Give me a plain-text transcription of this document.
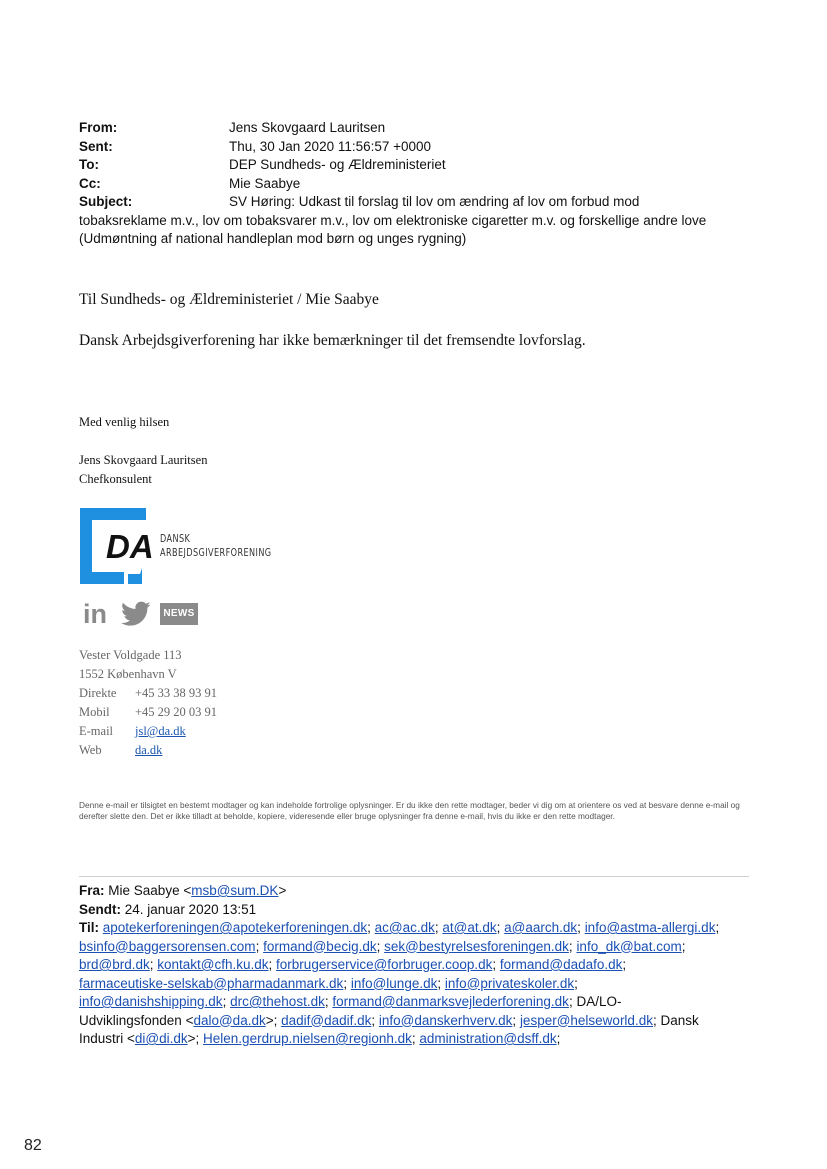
From:	Jens Skovgaard Lauritsen
Sent:	Thu, 30 Jan 2020 11:56:57 +0000
To:	DEP Sundheds- og Ældreministeriet
Cc:	Mie Saabye
Subject:	SV Høring: Udkast til forslag til lov om ændring af lov om forbud mod
tobaksreklame m.v., lov om tobaksvarer m.v., lov om elektroniske cigaretter m.v. og forskellige andre love
(Udmøntning af national handleplan mod børn og unges rygning)
Til Sundheds- og Ældreministeriet / Mie Saabye
Dansk Arbejdsgiverforening har ikke bemærkninger til det fremsendte lovforslag.
Med venlig hilsen
Jens Skovgaard Lauritsen
Chefkonsulent
DA DANSK
ARBEJDSGIVERFORENING
in	NEWS
Vester Voldgade 113
1552 København V
Direkte +45 33 38 93 91
Mobil +45 29 20 03 91
E-mail jsl@da.dk
Web	da.dk
Denne e-mail er tilsigtet en bestemt modtager og kan indeholde fortrolige oplysninger. Er du ikke den rette modtager, beder vi dig om at orientere os ved at besvare denne e-mail og derefter slette den. Det er ikke tilladt at beholde, kopiere, videresende eller bruge oplysninger fra denne e-mail, hvis du ikke er den rette modtager.
Fra: Mie Saabye <msb@sum.DK>
Sendt: 24. januar 2020 13:51
Til: apotekerforeningen@apotekerforeningen.dk; ac@ac.dk; at@at.dk; a@aarch.dk; info@astma-allergi.dk;
bsinfo@baggersorensen.com; formand@becig.dk; sek@bestyrelsesforeningen.dk; info_dk@bat.com;
brd@brd.dk; kontakt@cfh.ku.dk; forbrugerservice@forbruger.coop.dk; formand@dadafo.dk;
farmaceutiske-selskab@pharmadanmark.dk; info@lunge.dk; info@privateskoler.dk;
info@danishshipping.dk; drc@thehost.dk; formand@danmarksvejlederforening.dk; DA/LO-
Udviklingsfonden <dalo@da.dk>; dadif@dadif.dk; info@danskerhverv.dk; jesper@helseworld.dk; Dansk
Industri <di@di.dk>; Helen.gerdrup.nielsen@regionh.dk; administration@dsff.dk;
82
